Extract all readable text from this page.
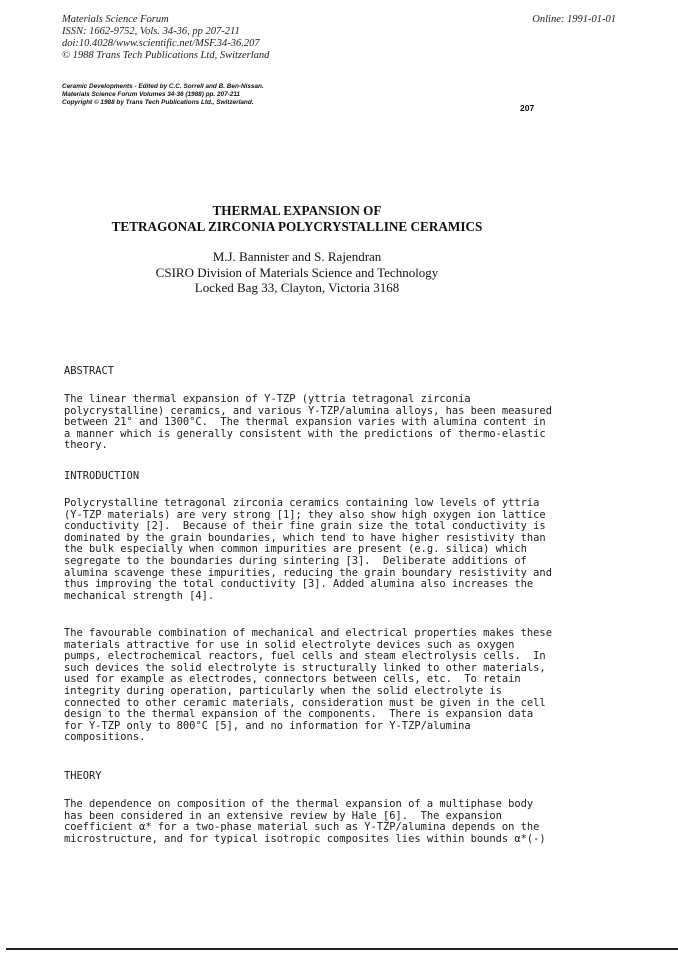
Materials Science Forum
ISSN: 1662-9752, Vols. 34-36, pp 207-211
doi:10.4028/www.scientific.net/MSF.34-36.207
© 1988 Trans Tech Publications Ltd, Switzerland
Online: 1991-01-01
Ceramic Developments - Edited by C.C. Sorrell and B. Ben-Nissan.
Materials Science Forum Volumes 34-36 (1988) pp. 207-211
Copyright © 1988 by Trans Tech Publications Ltd., Switzerland.
207
THERMAL EXPANSION OF
TETRAGONAL ZIRCONIA POLYCRYSTALLINE CERAMICS
M.J. Bannister and S. Rajendran
CSIRO Division of Materials Science and Technology
Locked Bag 33, Clayton, Victoria 3168
ABSTRACT
The linear thermal expansion of Y-TZP (yttria tetragonal zirconia
polycrystalline) ceramics, and various Y-TZP/alumina alloys, has been measured
between 21° and 1300°C.  The thermal expansion varies with alumina content in
a manner which is generally consistent with the predictions of thermo-elastic
theory.
INTRODUCTION
Polycrystalline tetragonal zirconia ceramics containing low levels of yttria
(Y-TZP materials) are very strong [1]; they also show high oxygen ion lattice
conductivity [2].  Because of their fine grain size the total conductivity is
dominated by the grain boundaries, which tend to have higher resistivity than
the bulk especially when common impurities are present (e.g. silica) which
segregate to the boundaries during sintering [3].  Deliberate additions of
alumina scavenge these impurities, reducing the grain boundary resistivity and
thus improving the total conductivity [3]. Added alumina also increases the
mechanical strength [4].
The favourable combination of mechanical and electrical properties makes these
materials attractive for use in solid electrolyte devices such as oxygen
pumps, electrochemical reactors, fuel cells and steam electrolysis cells.  In
such devices the solid electrolyte is structurally linked to other materials,
used for example as electrodes, connectors between cells, etc.  To retain
integrity during operation, particularly when the solid electrolyte is
connected to other ceramic materials, consideration must be given in the cell
design to the thermal expansion of the components.  There is expansion data
for Y-TZP only to 800°C [5], and no information for Y-TZP/alumina
compositions.
THEORY
The dependence on composition of the thermal expansion of a multiphase body
has been considered in an extensive review by Hale [6].  The expansion
coefficient α* for a two-phase material such as Y-TZP/alumina depends on the
microstructure, and for typical isotropic composites lies within bounds α*(-)
